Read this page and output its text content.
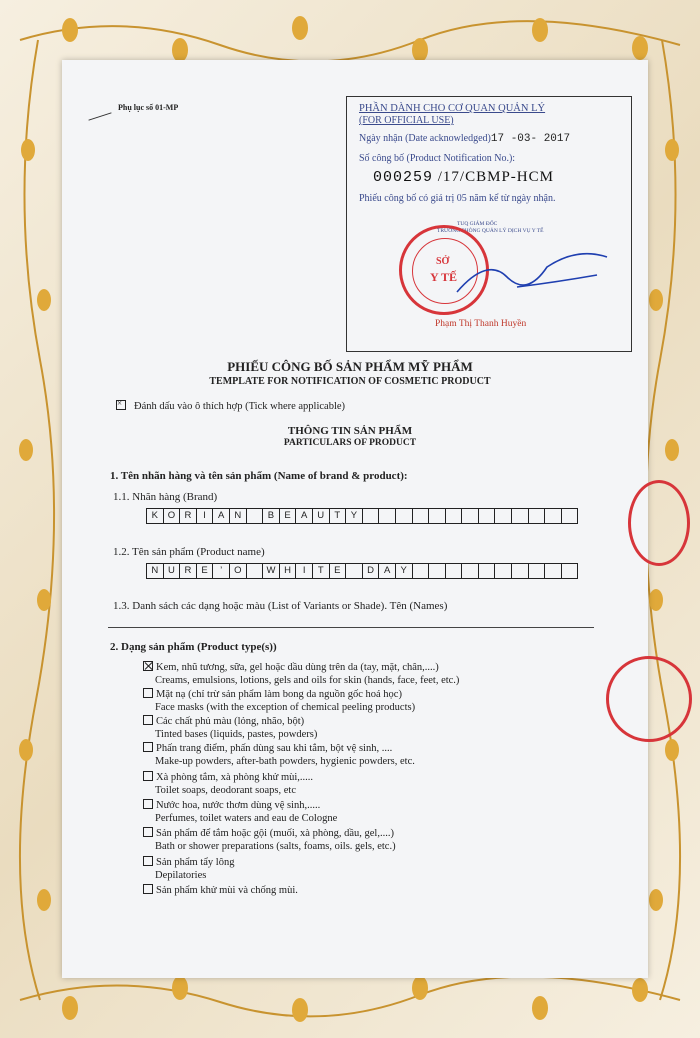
Phụ lục số 01-MP	PHẦN DÀNH CHO CƠ QUAN QUẢN LÝ
(FOR OFFICIAL USE)
Ngày nhận (Date acknowledged)17 -03- 2017
Số công bố (Product Notification No.):
000259 /17/CBMP-HCM
Phiếu công bố có giá trị 05 năm kể từ ngày nhận.
TUQ GIÁM ĐỐC
TRƯỞNG PHÒNG QUẢN LÝ DỊCH VỤ Y TẾ
SỞ
Y TẾ
Phạm Thị Thanh Huyền
PHIẾU CÔNG BỐ SẢN PHẨM MỸ PHẨM
TEMPLATE FOR NOTIFICATION OF COSMETIC PRODUCT
× Đánh dấu vào ô thích hợp (Tick where applicable)
THÔNG TIN SẢN PHẨM
PARTICULARS OF PRODUCT
1. Tên nhãn hàng và tên sản phẩm (Name of brand & product):
1.1. Nhãn hàng (Brand)
K	O R	I	A	N	B	E	A	U	T	Y
1.2. Tên sản phẩm (Product name)
N	U	R	E	’	O	W H	I	T	E	D	A	Y
1.3. Danh sách các dạng hoặc màu (List of Variants or Shade). Tên (Names)
2. Dạng sản phẩm (Product type(s))
Kem, nhũ tương, sữa, gel hoặc dầu dùng trên da (tay, mặt, chân,....)
Creams, emulsions, lotions, gels and oils for skin (hands, face, feet, etc.)
Mặt nạ (chỉ trừ sản phẩm làm bong da nguồn gốc hoá học)
Face masks (with the exception of chemical peeling products)
Các chất phủ màu (lỏng, nhão, bột)
Tinted bases (liquids, pastes, powders)
Phấn trang điểm, phấn dùng sau khi tắm, bột vệ sinh, ....
Make-up powders, after-bath powders, hygienic powders, etc.
Xà phòng tắm, xà phòng khử mùi,.....
Toilet soaps, deodorant soaps, etc
Nước hoa, nước thơm dùng vệ sinh,.....
Perfumes, toilet waters and eau de Cologne
Sản phẩm để tắm hoặc gội (muối, xà phòng, dầu, gel,....)
Bath or shower preparations (salts, foams, oils. gels, etc.)
Sản phẩm tẩy lông
Depilatories
Sản phẩm khử mùi và chống mùi.
